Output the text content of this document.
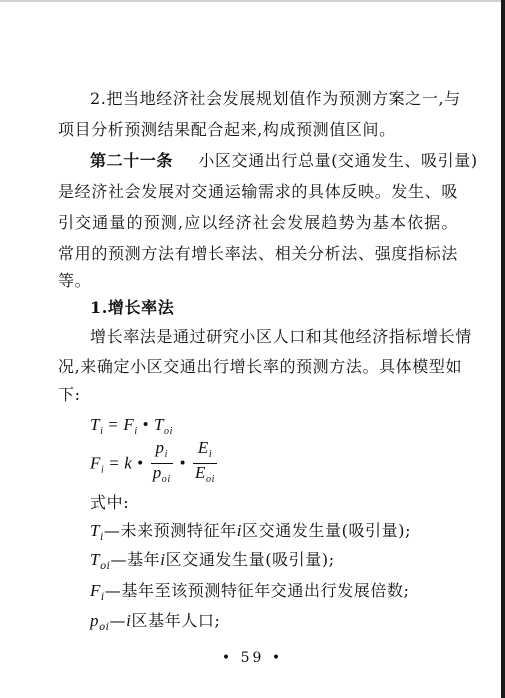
2.把当地经济社会发展规划值作为预测方案之一,与
项目分析预测结果配合起来,构成预测值区间。
第二十一条 小区交通出行总量(交通发生、吸引量)
是经济社会发展对交通运输需求的具体反映。发生、吸
引交通量的预测,应以经济社会发展趋势为基本依据。
常用的预测方法有增长率法、相关分析法、强度指标法
等。
1.增长率法
增长率法是通过研究小区人口和其他经济指标增长情
况,来确定小区交通出行增长率的预测方法。具体模型如
下:
$T_i = F_i$ • $T_{oi}$
$F_i = k$ • $\frac{p_i}{p_{oi}}$ • $\frac{E_i}{E_{oi}}$
式中:
$T_i—$未来预测特征年i区交通发生量(吸引量);
$T_{oi}—$基年i区交通发生量(吸引量);
$F_i—$基年至该预测特征年交通出行发展倍数;
$p_{oi}—i$区基年人口;
• 59 •
